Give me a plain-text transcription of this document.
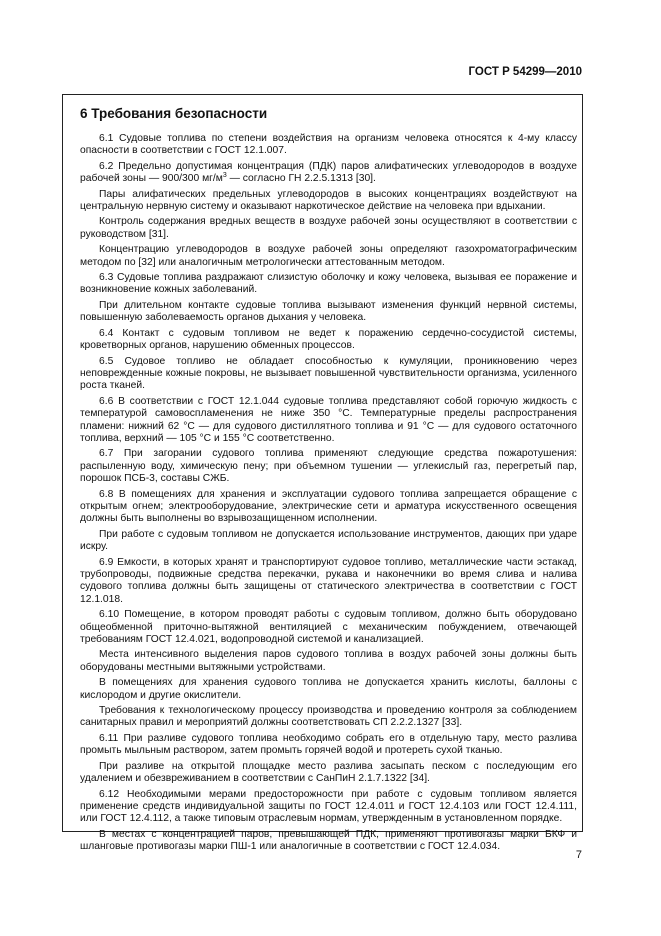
ГОСТ Р 54299—2010
6 Требования безопасности

6.1 Судовые топлива по степени воздействия на организм человека относятся к 4-му классу опасности в соответствии с ГОСТ 12.1.007.

6.2 Предельно допустимая концентрация (ПДК) паров алифатических углеводородов в воздухе рабочей зоны — 900/300 $мг/м^3$ — согласно ГН 2.2.5.1313 [30].

Пары алифатических предельных углеводородов в высоких концентрациях воздействуют на центральную нервную систему и оказывают наркотическое действие на человека при вдыхании.

Контроль содержания вредных веществ в воздухе рабочей зоны осуществляют в соответствии с руководством [31].

Концентрацию углеводородов в воздухе рабочей зоны определяют газохроматографическим методом по [32] или аналогичным метрологически аттестованным методом.

6.3 Судовые топлива раздражают слизистую оболочку и кожу человека, вызывая ее поражение и возникновение кожных заболеваний.

При длительном контакте судовые топлива вызывают изменения функций нервной системы, повышенную заболеваемость органов дыхания у человека.

6.4 Контакт с судовым топливом не ведет к поражению сердечно-сосудистой системы, кроветворных органов, нарушению обменных процессов.

6.5 Судовое топливо не обладает способностью к кумуляции, проникновению через неповрежденные кожные покровы, не вызывает повышенной чувствительности организма, усиленного роста тканей.

6.6 В соответствии с ГОСТ 12.1.044 судовые топлива представляют собой горючую жидкость с температурой самовоспламенения не ниже 350 °С. Температурные пределы распространения пламени: нижний 62 °С — для судового дистиллятного топлива и 91 °С — для судового остаточного топлива, верхний — 105 °С и 155 °С соответственно.

6.7 При загорании судового топлива применяют следующие средства пожаротушения: распыленную воду, химическую пену; при объемном тушении — углекислый газ, перегретый пар, порошок ПСБ-3, составы СЖБ.

6.8 В помещениях для хранения и эксплуатации судового топлива запрещается обращение с открытым огнем; электрооборудование, электрические сети и арматура искусственного освещения должны быть выполнены во взрывозащищенном исполнении.

При работе с судовым топливом не допускается использование инструментов, дающих при ударе искру.

6.9 Емкости, в которых хранят и транспортируют судовое топливо, металлические части эстакад, трубопроводы, подвижные средства перекачки, рукава и наконечники во время слива и налива судового топлива должны быть защищены от статического электричества в соответствии с ГОСТ 12.1.018.

6.10 Помещение, в котором проводят работы с судовым топливом, должно быть оборудовано общеобменной приточно-вытяжной вентиляцией с механическим побуждением, отвечающей требованиям ГОСТ 12.4.021, водопроводной системой и канализацией.

Места интенсивного выделения паров судового топлива в воздух рабочей зоны должны быть оборудованы местными вытяжными устройствами.

В помещениях для хранения судового топлива не допускается хранить кислоты, баллоны с кислородом и другие окислители.

Требования к технологическому процессу производства и проведению контроля за соблюдением санитарных правил и мероприятий должны соответствовать СП 2.2.2.1327 [33].

6.11 При разливе судового топлива необходимо собрать его в отдельную тару, место разлива промыть мыльным раствором, затем промыть горячей водой и протереть сухой тканью.

При разливе на открытой площадке место разлива засыпать песком с последующим его удалением и обезвреживанием в соответствии с СанПиН 2.1.7.1322 [34].

6.12 Необходимыми мерами предосторожности при работе с судовым топливом является применение средств индивидуальной защиты по ГОСТ 12.4.011 и ГОСТ 12.4.103 или ГОСТ 12.4.111, или ГОСТ 12.4.112, а также типовым отраслевым нормам, утвержденным в установленном порядке.

В местах с концентрацией паров, превышающей ПДК, применяют противогазы марки БКФ и шланговые противогазы марки ПШ-1 или аналогичные в соответствии с ГОСТ 12.4.034.

7
